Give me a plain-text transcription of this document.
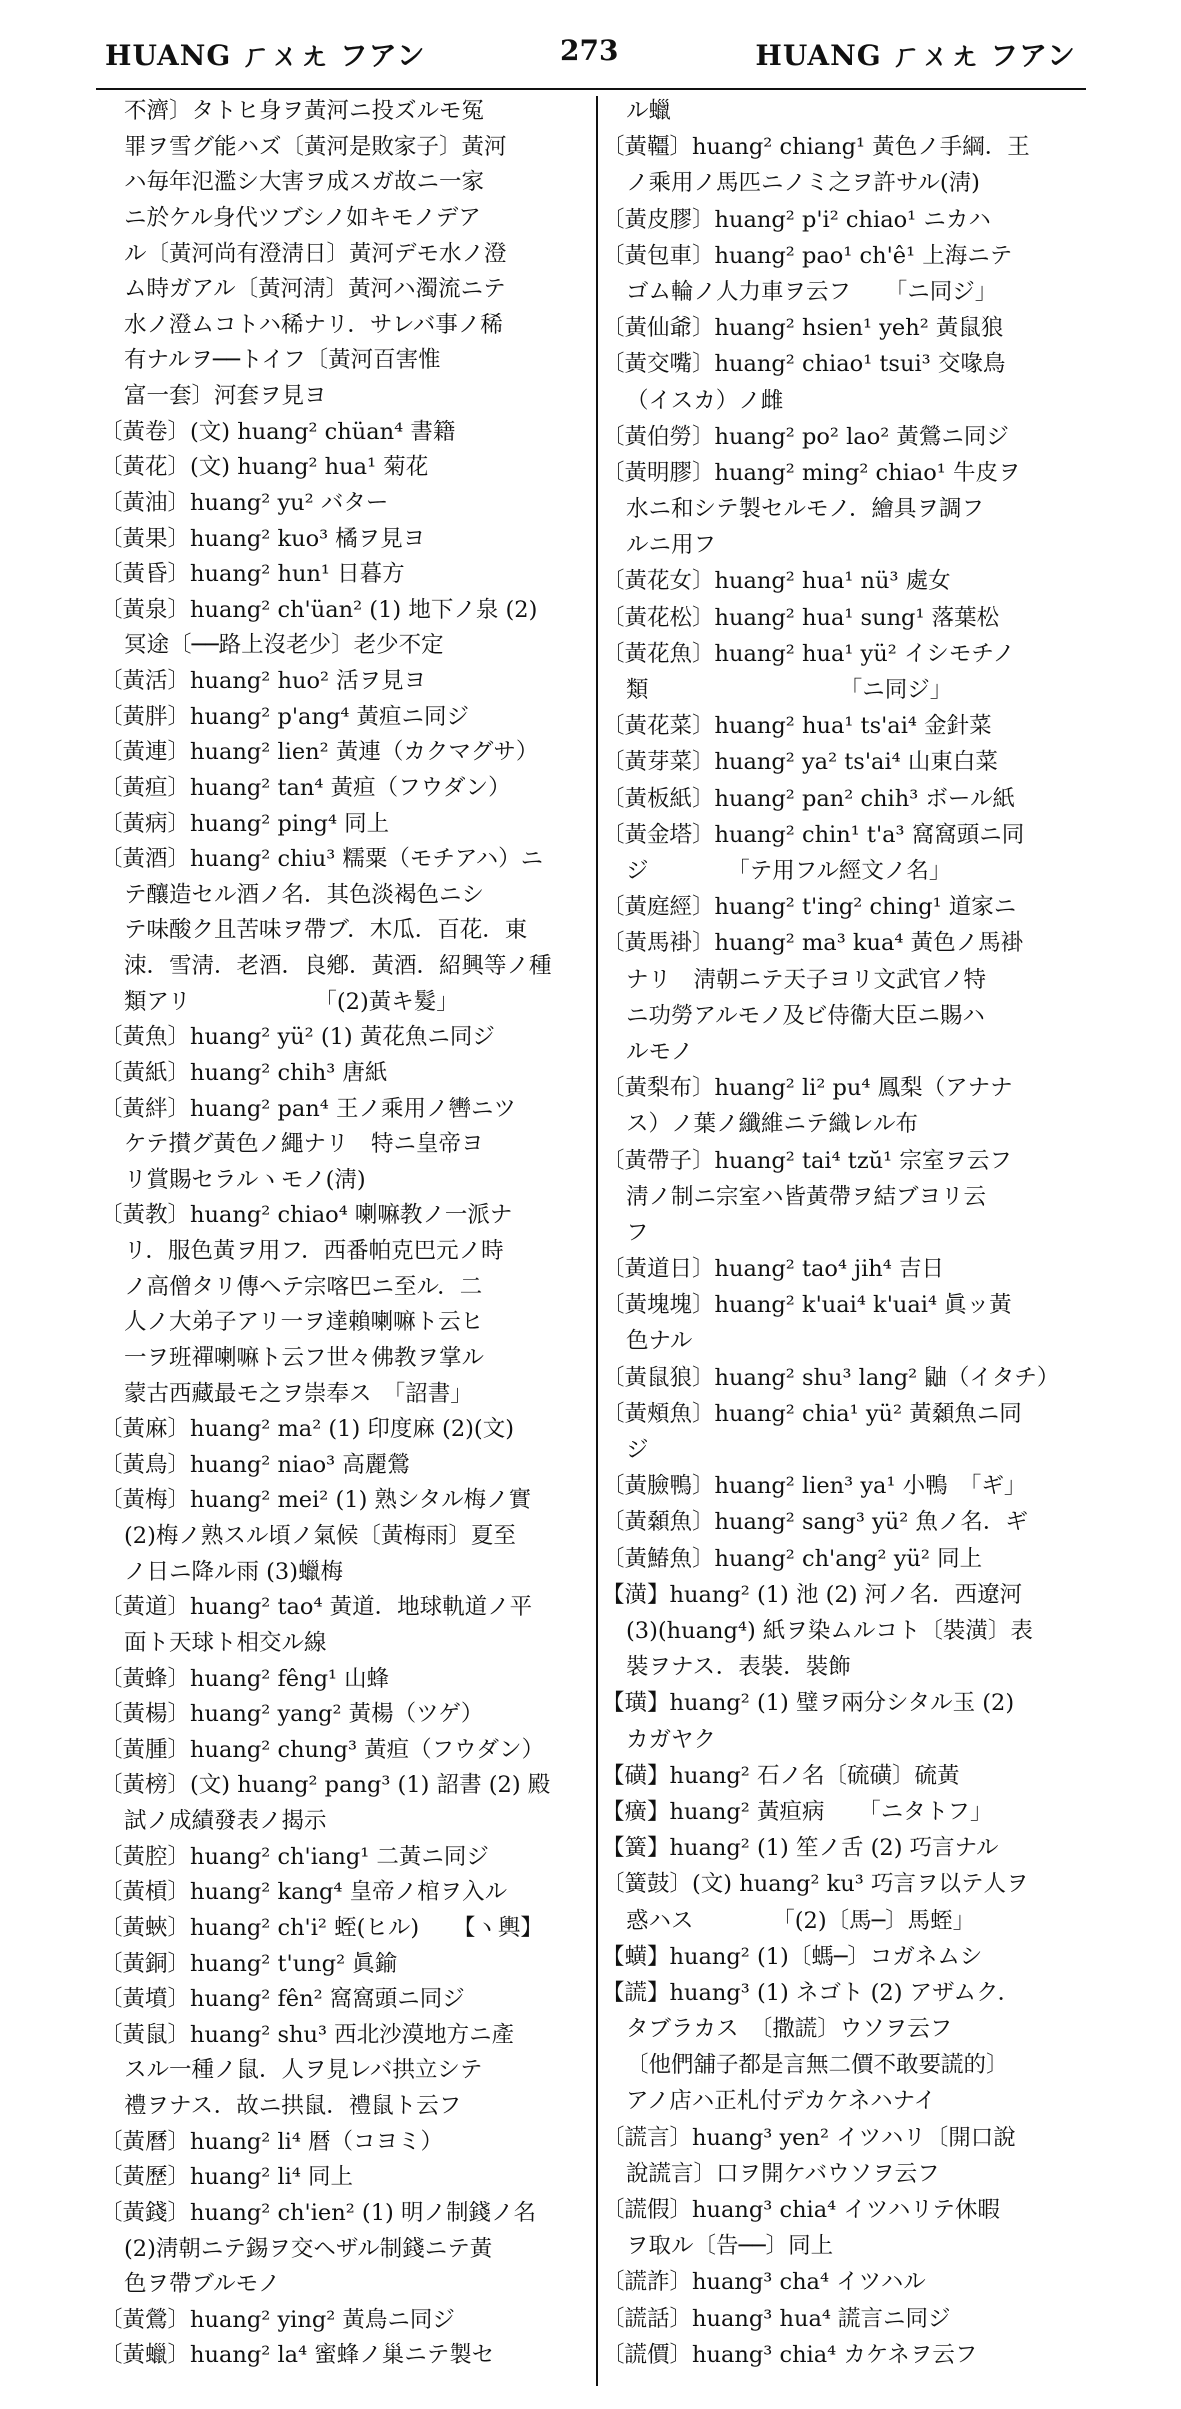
HUANG ㄏㄨㄤ フアン	273	HUANG ㄏㄨㄤ フアン
不濟〕タトヒ身ヲ黃河ニ投ズルモ冤
罪ヲ雪グ能ハズ〔黃河是敗家子〕黃河
ハ毎年氾濫シ大害ヲ成スガ故ニ一家
ニ於ケル身代ツブシノ如キモノデア
ル〔黃河尚有澄淸日〕黃河デモ水ノ澄
ム時ガアル〔黃河淸〕黃河ハ濁流ニテ
水ノ澄ムコトハ稀ナリ．サレバ事ノ稀
有ナルヲ──トイフ〔黃河百害惟
富一套〕河套ヲ見ヨ
〔黃卷〕(文) huang² chüan⁴ 書籍
〔黃花〕(文) huang² hua¹ 菊花
〔黃油〕huang² yu² バター
〔黃果〕huang² kuo³ 橘ヲ見ヨ
〔黃昏〕huang² hun¹ 日暮方
〔黃泉〕huang² ch'üan² (1) 地下ノ泉 (2)
冥途〔──路上沒老少〕老少不定
〔黃活〕huang² huo² 活ヲ見ヨ
〔黃胖〕huang² p'ang⁴ 黃疸ニ同ジ
〔黃連〕huang² lien² 黃連（カクマグサ）
〔黃疸〕huang² tan⁴ 黃疸（フウダン）
〔黃病〕huang² ping⁴ 同上
〔黃酒〕huang² chiu³ 糯粟（モチアハ）ニ
テ釀造セル酒ノ名．其色淡褐色ニシ
テ味酸ク且苦味ヲ帶ブ．木瓜．百花．東
洓．雪淸．老酒．良鄕．黃酒．紹興等ノ種
類アリ　　　　　　「(2)黃キ髮」
〔黃魚〕huang² yü² (1) 黃花魚ニ同ジ
〔黃紙〕huang² chih³ 唐紙
〔黃絆〕huang² pan⁴ 王ノ乘用ノ轡ニツ
ケテ攅グ黃色ノ繩ナリ　特ニ皇帝ヨ
リ賞賜セラルヽモノ(淸)
〔黃教〕huang² chiao⁴ 喇嘛教ノ一派ナ
リ．服色黃ヲ用フ．西番帕克巴元ノ時
ノ高僧タリ傳ヘテ宗喀巴ニ至ル．二
人ノ大弟子アリ一ヲ達賴喇嘛ト云ヒ
一ヲ班禪喇嘛ト云フ世々佛教ヲ掌ル
蒙古西藏最モ之ヲ崇奉ス　「詔書」
〔黃麻〕huang² ma² (1) 印度麻 (2)(文)
〔黃鳥〕huang² niao³ 高麗鶯
〔黃梅〕huang² mei² (1) 熟シタル梅ノ實
(2)梅ノ熟スル頃ノ氣候〔黃梅雨〕夏至
ノ日ニ降ル雨 (3)蠟梅
〔黃道〕huang² tao⁴ 黃道．地球軌道ノ平
面ト天球ト相交ル線
〔黃蜂〕huang² fêng¹ 山蜂
〔黃楊〕huang² yang² 黃楊（ツゲ）
〔黃腫〕huang² chung³ 黃疸（フウダン）
〔黃榜〕(文) huang² pang³ (1) 詔書 (2) 殿
試ノ成績發表ノ揭示
〔黃腔〕huang² ch'iang¹ 二黃ニ同ジ
〔黃槓〕huang² kang⁴ 皇帝ノ棺ヲ入ル
〔黃蛺〕huang² ch'i² 蛭(ヒル)　　【ヽ輿】
〔黃銅〕huang² t'ung² 眞鍮
〔黃墳〕huang² fên² 窩窩頭ニ同ジ
〔黃鼠〕huang² shu³ 西北沙漠地方ニ產
スル一種ノ鼠．人ヲ見レバ拱立シテ
禮ヲナス．故ニ拱鼠．禮鼠ト云フ
〔黃曆〕huang² li⁴ 暦（コヨミ）
〔黃歷〕huang² li⁴ 同上
〔黃錢〕huang² ch'ien² (1) 明ノ制錢ノ名
(2)淸朝ニテ錫ヲ交ヘザル制錢ニテ黃
色ヲ帶ブルモノ
〔黃鶯〕huang² ying² 黃鳥ニ同ジ
〔黃蠟〕huang² la⁴ 蜜蜂ノ巢ニテ製セ
ル蠟
〔黃韁〕huang² chiang¹ 黃色ノ手綱．王
ノ乘用ノ馬匹ニノミ之ヲ許サル(淸)
〔黃皮膠〕huang² p'i² chiao¹ ニカハ
〔黃包車〕huang² pao¹ ch'ê¹ 上海ニテ
ゴム輪ノ人力車ヲ云フ　　「ニ同ジ」
〔黃仙爺〕huang² hsien¹ yeh² 黃鼠狼
〔黃交嘴〕huang² chiao¹ tsui³ 交喙鳥
（イスカ）ノ雌
〔黃伯勞〕huang² po² lao² 黃鶯ニ同ジ
〔黃明膠〕huang² ming² chiao¹ 牛皮ヲ
水ニ和シテ製セルモノ．繪具ヲ調フ
ルニ用フ
〔黃花女〕huang² hua¹ nü³ 處女
〔黃花松〕huang² hua¹ sung¹ 落葉松
〔黃花魚〕huang² hua¹ yü² イシモチノ
類　　　　　　　　　「ニ同ジ」
〔黃花菜〕huang² hua¹ ts'ai⁴ 金針菜
〔黃芽菜〕huang² ya² ts'ai⁴ 山東白菜
〔黃板紙〕huang² pan² chih³ ボール紙
〔黃金塔〕huang² chin¹ t'a³ 窩窩頭ニ同
ジ　　　　「テ用フル經文ノ名」
〔黃庭經〕huang² t'ing² ching¹ 道家ニ
〔黃馬褂〕huang² ma³ kua⁴ 黃色ノ馬褂
ナリ　淸朝ニテ天子ヨリ文武官ノ特
ニ功勞アルモノ及ビ侍衞大臣ニ賜ハ
ルモノ
〔黃梨布〕huang² li² pu⁴ 鳳梨（アナナ
ス）ノ葉ノ纖維ニテ織レル布
〔黃帶子〕huang² tai⁴ tzŭ¹ 宗室ヲ云フ
淸ノ制ニ宗室ハ皆黃帶ヲ結ブヨリ云
フ
〔黃道日〕huang² tao⁴ jih⁴ 吉日
〔黃塊塊〕huang² k'uai⁴ k'uai⁴ 眞ッ黃
色ナル
〔黃鼠狼〕huang² shu³ lang² 鼬（イタチ）
〔黃頰魚〕huang² chia¹ yü² 黃顙魚ニ同
ジ
〔黃臉鴨〕huang² lien³ ya¹ 小鴨　「ギ」
〔黃顙魚〕huang² sang³ yü² 魚ノ名．ギ
〔黃鰆魚〕huang² ch'ang² yü² 同上
【潢】huang² (1) 池 (2) 河ノ名．西遼河
(3)(huang⁴) 紙ヲ染ムルコト〔裝潢〕表
裝ヲナス．表裝．裝飾
【璜】huang² (1) 璧ヲ兩分シタル玉 (2)
カガヤク
【磺】huang² 石ノ名〔硫磺〕硫黃
【癀】huang² 黃疸病　　「ニタトフ」
【簧】huang² (1) 笙ノ舌 (2) 巧言ナル
〔簧鼓〕(文) huang² ku³ 巧言ヲ以テ人ヲ
惑ハス　　　　「(2)〔馬─〕馬蛭」
【蟥】huang² (1)〔螞─〕コガネムシ
【謊】huang³ (1) ネゴト (2) アザムク．
タブラカス　〔撒謊〕ウソヲ云フ
〔他們舖子都是言無二價不敢要謊的〕
アノ店ハ正札付デカケネハナイ
〔謊言〕huang³ yen² イツハリ〔開口說
說謊言〕口ヲ開ケバウソヲ云フ
〔謊假〕huang³ chia⁴ イツハリテ休暇
ヲ取ル〔告──〕同上
〔謊詐〕huang³ cha⁴ イツハル
〔謊話〕huang³ hua⁴ 謊言ニ同ジ
〔謊價〕huang³ chia⁴ カケネヲ云フ
